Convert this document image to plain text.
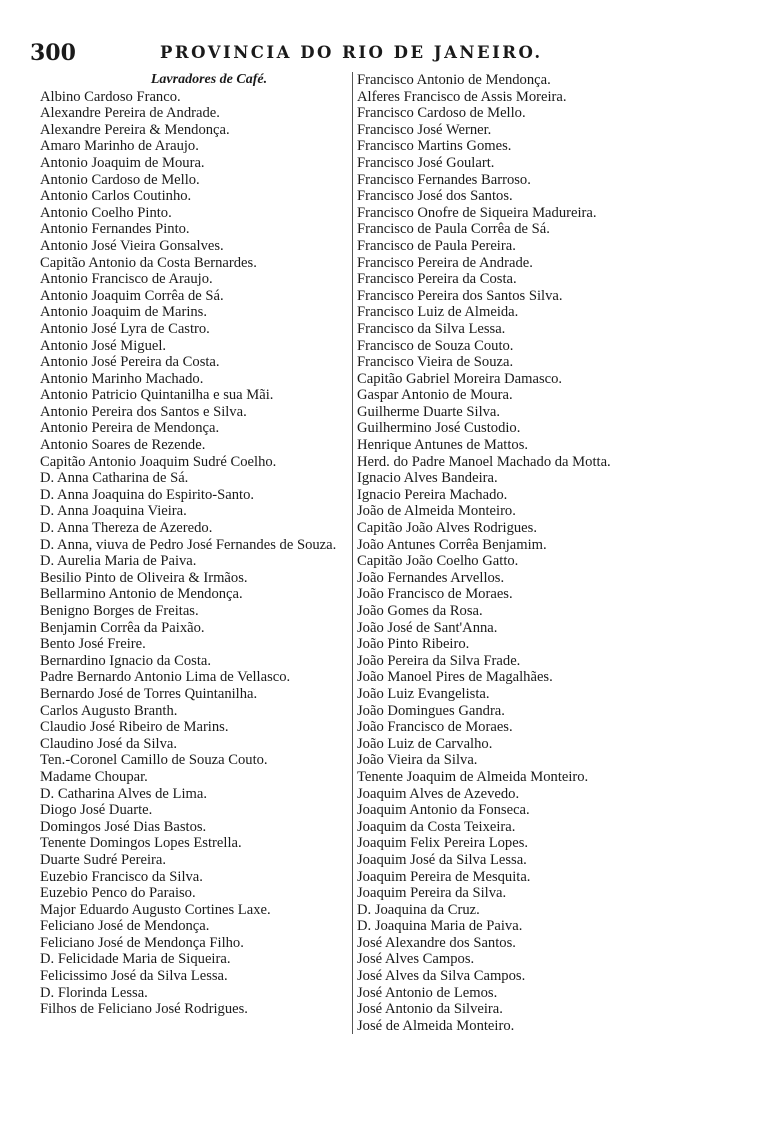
300	PROVINCIA DO RIO DE JANEIRO.

Lavradores de Café.
Albino Cardoso Franco.
Alexandre Pereira de Andrade.
Alexandre Pereira & Mendonça.
Amaro Marinho de Araujo.
Antonio Joaquim de Moura.
Antonio Cardoso de Mello.
Antonio Carlos Coutinho.
Antonio Coelho Pinto.
Antonio Fernandes Pinto.
Antonio José Vieira Gonsalves.
Capitão Antonio da Costa Bernardes.
Antonio Francisco de Araujo.
Antonio Joaquim Corrêa de Sá.
Antonio Joaquim de Marins.
Antonio José Lyra de Castro.
Antonio José Miguel.
Antonio José Pereira da Costa.
Antonio Marinho Machado.
Antonio Patricio Quintanilha e sua Mãi.
Antonio Pereira dos Santos e Silva.
Antonio Pereira de Mendonça.
Antonio Soares de Rezende.
Capitão Antonio Joaquim Sudré Coelho.
D. Anna Catharina de Sá.
D. Anna Joaquina do Espirito-Santo.
D. Anna Joaquina Vieira.
D. Anna Thereza de Azeredo.
D. Anna, viuva de Pedro José Fernandes de Souza.
D. Aurelia Maria de Paiva.
Besilio Pinto de Oliveira & Irmãos.
Bellarmino Antonio de Mendonça.
Benigno Borges de Freitas.
Benjamin Corrêa da Paixão.
Bento José Freire.
Bernardino Ignacio da Costa.
Padre Bernardo Antonio Lima de Vellasco.
Bernardo José de Torres Quintanilha.
Carlos Augusto Branth.
Claudio José Ribeiro de Marins.
Claudino José da Silva.
Ten.-Coronel Camillo de Souza Couto.
Madame Choupar.
D. Catharina Alves de Lima.
Diogo José Duarte.
Domingos José Dias Bastos.
Tenente Domingos Lopes Estrella.
Duarte Sudré Pereira.
Euzebio Francisco da Silva.
Euzebio Penco do Paraiso.
Major Eduardo Augusto Cortines Laxe.
Feliciano José de Mendonça.
Feliciano José de Mendonça Filho.
D. Felicidade Maria de Siqueira.
Felicissimo José da Silva Lessa.
D. Florinda Lessa.
Filhos de Feliciano José Rodrigues.
Francisco Antonio de Mendonça.
Alferes Francisco de Assis Moreira.
Francisco Cardoso de Mello.
Francisco José Werner.
Francisco Martins Gomes.
Francisco José Goulart.
Francisco Fernandes Barroso.
Francisco José dos Santos.
Francisco Onofre de Siqueira Madureira.
Francisco de Paula Corrêa de Sá.
Francisco de Paula Pereira.
Francisco Pereira de Andrade.
Francisco Pereira da Costa.
Francisco Pereira dos Santos Silva.
Francisco Luiz de Almeida.
Francisco da Silva Lessa.
Francisco de Souza Couto.
Francisco Vieira de Souza.
Capitão Gabriel Moreira Damasco.
Gaspar Antonio de Moura.
Guilherme Duarte Silva.
Guilhermino José Custodio.
Henrique Antunes de Mattos.
Herd. do Padre Manoel Machado da Motta.
Ignacio Alves Bandeira.
Ignacio Pereira Machado.
João de Almeida Monteiro.
Capitão João Alves Rodrigues.
João Antunes Corrêa Benjamim.
Capitão João Coelho Gatto.
João Fernandes Arvellos.
João Francisco de Moraes.
João Gomes da Rosa.
João José de Sant'Anna.
João Pinto Ribeiro.
João Pereira da Silva Frade.
João Manoel Pires de Magalhães.
João Luiz Evangelista.
João Domingues Gandra.
João Francisco de Moraes.
João Luiz de Carvalho.
João Vieira da Silva.
Tenente Joaquim de Almeida Monteiro.
Joaquim Alves de Azevedo.
Joaquim Antonio da Fonseca.
Joaquim da Costa Teixeira.
Joaquim Felix Pereira Lopes.
Joaquim José da Silva Lessa.
Joaquim Pereira de Mesquita.
Joaquim Pereira da Silva.
D. Joaquina da Cruz.
D. Joaquina Maria de Paiva.
José Alexandre dos Santos.
José Alves Campos.
José Alves da Silva Campos.
José Antonio de Lemos.
José Antonio da Silveira.
José de Almeida Monteiro.
